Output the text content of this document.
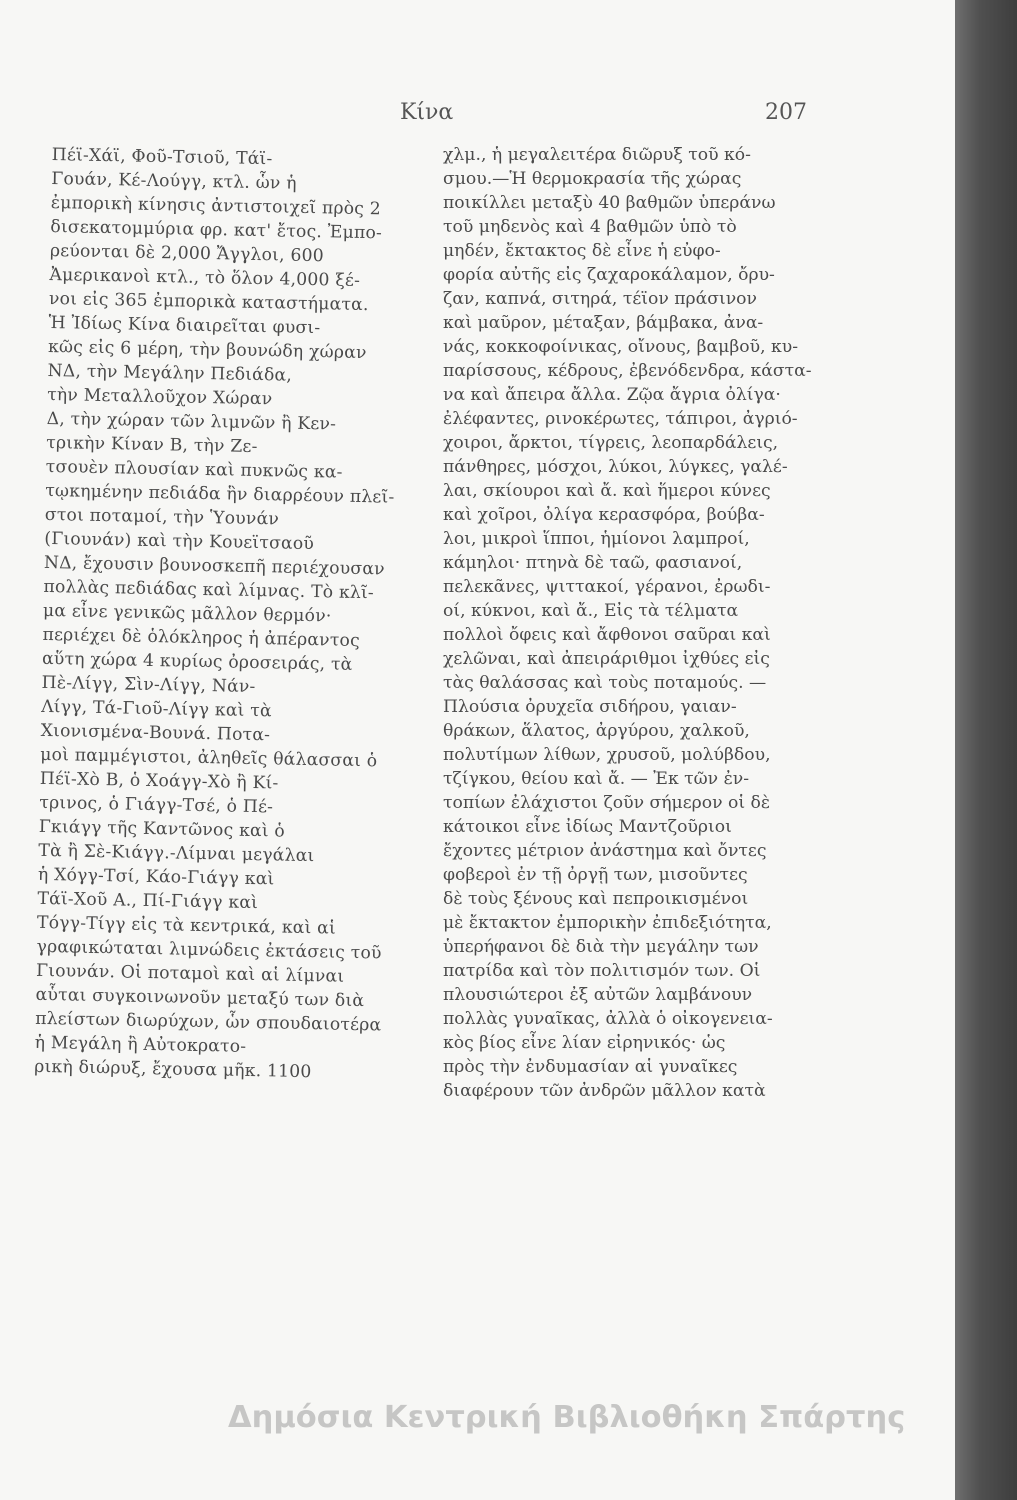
Κίνα	207
Πέϊ-Χάϊ, Φοῦ-Τσιοῦ, Τάϊ-
Γουάν, Κέ-Λούγγ, κτλ. ὧν ἡ
ἐμπορικὴ κίνησις ἀντιστοιχεῖ πρὸς 2
δισεκατομμύρια φρ. κατ' ἔτος. Ἐμπο-
ρεύονται δὲ 2,000 Ἄγγλοι, 600
Ἀμερικανοὶ κτλ., τὸ ὅλον 4,000 ξέ-
νοι εἰς 365 ἐμπορικὰ καταστήματα.
Ἡ Ἰδίως Κίνα διαιρεῖται φυσι-
κῶς εἰς 6 μέρη, τὴν βουνώδη χώραν
ΝΔ, τὴν Μεγάλην Πεδιάδα,
τὴν Μεταλλοῦχον Χώραν
Δ, τὴν χώραν τῶν λιμνῶν ἢ Κεν-
τρικὴν Κίναν Β, τὴν Ζε-
τσουὲν πλουσίαν καὶ πυκνῶς κα-
τῳκημένην πεδιάδα ἣν διαρρέουν πλεῖ-
στοι ποταμοί, τὴν Ὑουνάν
(Γιουνάν) καὶ τὴν Κουεϊτσαοῦ
ΝΔ, ἔχουσιν βουνοσκεπῆ περιέχουσαν
πολλὰς πεδιάδας καὶ λίμνας. Τὸ κλῖ-
μα εἶνε γενικῶς μᾶλλον θερμόν·
περιέχει δὲ ὁλόκληρος ἡ ἀπέραντος
αὕτη χώρα 4 κυρίως ὀροσειράς, τὰ
Πὲ-Λίγγ, Σὶν-Λίγγ, Νάν-
Λίγγ, Τά-Γιοῦ-Λίγγ καὶ τὰ
Χιονισμένα-Βουνά. Ποτα-
μοὶ παμμέγιστοι, ἀληθεῖς θάλασσαι ὁ
Πέϊ-Χὸ Β, ὁ Χοάγγ-Χὸ ἢ Κί-
τρινος, ὁ Γιάγγ-Τσέ, ὁ Πέ-
Γκιάγγ τῆς Καντῶνος καὶ ὁ
Τὰ ἢ Σὲ-Κιάγγ.-Λίμναι μεγάλαι
ἡ Χόγγ-Τσί, Κάο-Γιάγγ καὶ
Τάϊ-Χοῦ Α., Πί-Γιάγγ καὶ
Τόγγ-Τίγγ εἰς τὰ κεντρικά, καὶ αἱ
γραφικώταται λιμνώδεις ἐκτάσεις τοῦ
Γιουνάν. Οἱ ποταμοὶ καὶ αἱ λίμναι
αὗται συγκοινωνοῦν μεταξύ των διὰ
πλείστων διωρύχων, ὧν σπουδαιοτέρα
ἡ Μεγάλη ἢ Αὐτοκρατο-
ρικὴ διώρυξ, ἔχουσα μῆκ. 1100
χλμ., ἡ μεγαλειτέρα διῶρυξ τοῦ κό-
σμου.—Ἡ θερμοκρασία τῆς χώρας
ποικίλλει μεταξὺ 40 βαθμῶν ὑπεράνω
τοῦ μηδενὸς καὶ 4 βαθμῶν ὑπὸ τὸ
μηδέν, ἔκτακτος δὲ εἶνε ἡ εὐφο-
φορία αὐτῆς εἰς ζαχαροκάλαμον, ὄρυ-
ζαν, καπνά, σιτηρά, τέϊον πράσινον
καὶ μαῦρον, μέταξαν, βάμβακα, ἀνα-
νάς, κοκκοφοίνικας, οἴνους, βαμβοῦ, κυ-
παρίσσους, κέδρους, ἐβενόδενδρα, κάστα-
να καὶ ἄπειρα ἄλλα. Ζῷα ἄγρια ὀλίγα·
ἐλέφαντες, ρινοκέρωτες, τάπιροι, ἀγριό-
χοιροι, ἄρκτοι, τίγρεις, λεοπαρδάλεις,
πάνθηρες, μόσχοι, λύκοι, λύγκες, γαλέ-
λαι, σκίουροι καὶ ἄ. καὶ ἥμεροι κύνες
καὶ χοῖροι, ὀλίγα κερασφόρα, βούβα-
λοι, μικροὶ ἵπποι, ἡμίονοι λαμπροί,
κάμηλοι· πτηνὰ δὲ ταῶ, φασιανοί,
πελεκᾶνες, ψιττακοί, γέρανοι, ἐρωδι-
οί, κύκνοι, καὶ ἄ., Εἰς τὰ τέλματα
πολλοὶ ὄφεις καὶ ἄφθονοι σαῦραι καὶ
χελῶναι, καὶ ἀπειράριθμοι ἰχθύες εἰς
τὰς θαλάσσας καὶ τοὺς ποταμούς. —
Πλούσια ὀρυχεῖα σιδήρου, γαιαν-
θράκων, ἅλατος, ἀργύρου, χαλκοῦ,
πολυτίμων λίθων, χρυσοῦ, μολύβδου,
τζίγκου, θείου καὶ ἄ. — Ἐκ τῶν ἐν-
τοπίων ἐλάχιστοι ζοῦν σήμερον οἱ δὲ
κάτοικοι εἶνε ἰδίως Μαντζοῦριοι
ἔχοντες μέτριον ἀνάστημα καὶ ὄντες
φοβεροὶ ἐν τῇ ὀργῇ των, μισοῦντες
δὲ τοὺς ξένους καὶ πεπροικισμένοι
μὲ ἔκτακτον ἐμπορικὴν ἐπιδεξιότητα,
ὑπερήφανοι δὲ διὰ τὴν μεγάλην των
πατρίδα καὶ τὸν πολιτισμόν των. Οἱ
πλουσιώτεροι ἐξ αὐτῶν λαμβάνουν
πολλὰς γυναῖκας, ἀλλὰ ὁ οἰκογενεια-
κὸς βίος εἶνε λίαν εἰρηνικός· ὡς
πρὸς τὴν ἐνδυμασίαν αἱ γυναῖκες
διαφέρουν τῶν ἀνδρῶν μᾶλλον κατὰ
Δημόσια Κεντρική Βιβλιοθήκη Σπάρτης
